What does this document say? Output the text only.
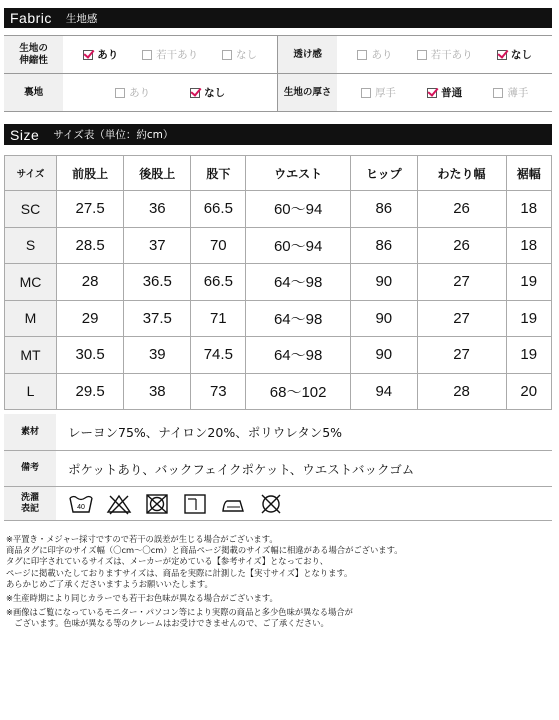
Fabric 生地感
生地の
伸縮性	あり	若干あり	なし	透け感	あり	若干あり	なし
裏地	あり	なし	生地の厚さ	厚手	普通	薄手
Size サイズ表（単位：約cm）
サイズ	前股上	後股上	股下	ウエスト	ヒップ	わたり幅	裾幅
SC	27.5	36	66.5	60〜94	86	26	18
S	28.5	37	70	60〜94	86	26	18
MC	28	36.5	66.5	64〜98	90	27	19
M	29	37.5	71	64〜98	90	27	19
MT	30.5	39	74.5	64〜98	90	27	19
L	29.5	38	73	68〜102	94	28	20
素材	レーヨン75%、ナイロン20%、ポリウレタン5%
備考	ポケットあり、バックフェイクポケット、ウエストバックゴム
洗濯
表記	40

※平置き・メジャー採寸ですので若干の誤差が生じる場合がございます。

商品タグに印字のサイズ幅（〇cm〜〇cm）と商品ページ掲載のサイズ幅に相違がある場合がございます。

タグに印字されているサイズは、メーカーが定めている【参考サイズ】となっており、

ページに掲載いたしておりますサイズは、商品を実際に計測した【実寸サイズ】となります。

あらかじめご了承くださいますようお願いいたします。

※生産時期により同じカラーでも若干お色味が異なる場合がございます。

※画像はご覧になっているモニター・パソコン等により実際の商品と多少色味が異なる場合が

　ございます。色味が異なる等のクレームはお受けできませんので、ご了承ください。
